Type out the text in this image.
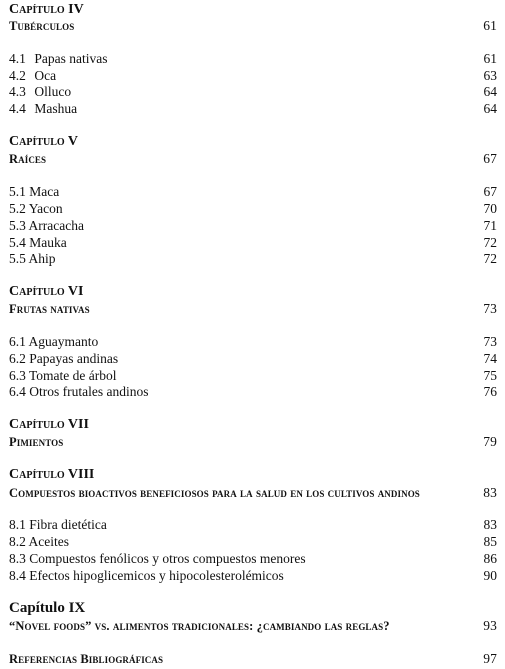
Capítulo IV
Tubérculos	61
4.1 Papas nativas	61
4.2 Oca	63
4.3 Olluco	64
4.4 Mashua	64
Capítulo V
Raíces	67
5.1 Maca	67
5.2 Yacon	70
5.3 Arracacha	71
5.4 Mauka	72
5.5 Ahip	72
Capítulo VI
Frutas nativas	73
6.1 Aguaymanto	73
6.2 Papayas andinas	74
6.3 Tomate de árbol	75
6.4 Otros frutales andinos	76
Capítulo VII
Pimientos	79
Capítulo VIII
Compuestos bioactivos beneficiosos para la salud en los cultivos andinos	83
8.1 Fibra dietética	83
8.2 Aceites	85
8.3 Compuestos fenólicos y otros compuestos menores	86
8.4 Efectos hipoglicemicos y hipocolesterolémicos	90
Capítulo IX
“Novel foods” vs. alimentos tradicionales: ¿cambiando las reglas?	93
Referencias Bibliográficas	97
